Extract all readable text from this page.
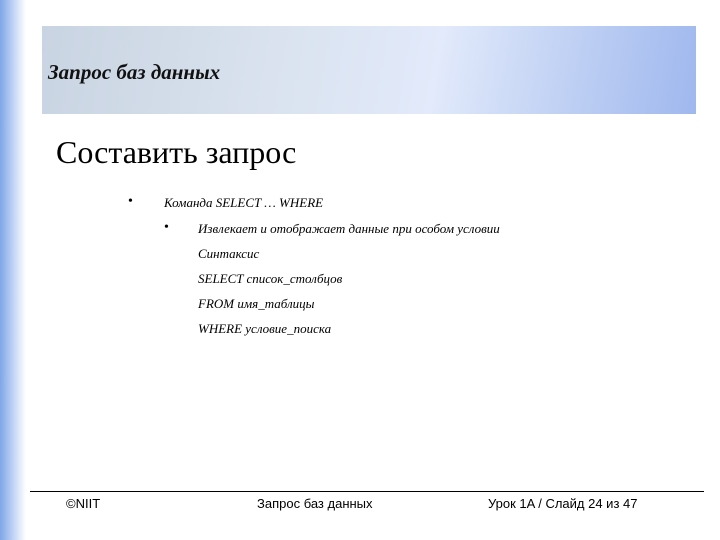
Запрос баз данных
Составить запрос
• Команда SELECT … WHERE
• Извлекает и отображает данные при особом условии
Синтаксис
SELECT список_столбцов
FROM имя_таблицы
WHERE условие_поиска
©NIIT	Запрос баз данных	Урок 1A / Слайд 24 из 47
